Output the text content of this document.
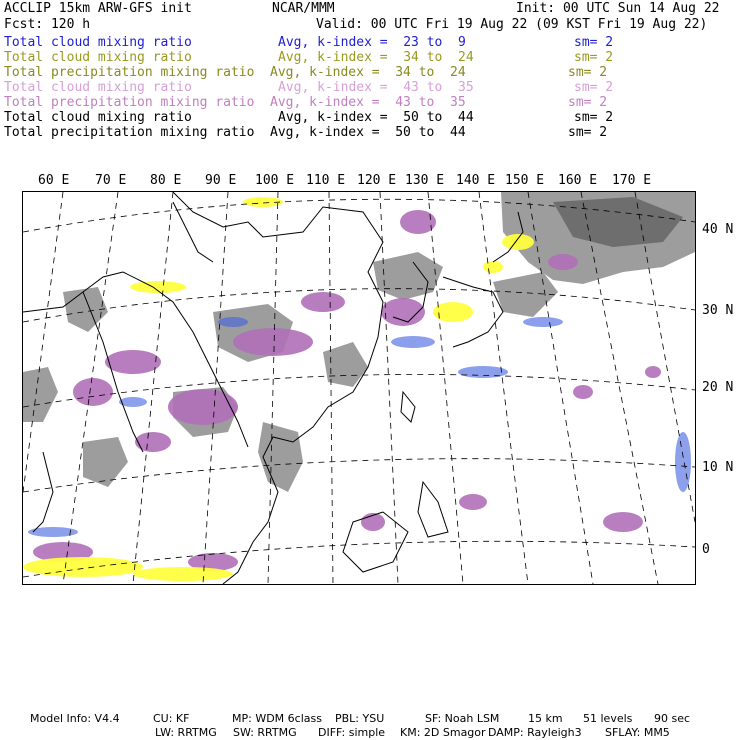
ACCLIP 15km ARW-GFS init	NCAR/MMM	Init: 00 UTC Sun 14 Aug 22
Fcst: 120 h	Valid: 00 UTC Fri 19 Aug 22 (09 KST Fri 19 Aug 22)
Total cloud mixing ratio	Avg, k-index =  23 to  9	sm= 2
Total cloud mixing ratio	Avg, k-index =  34 to  24	sm= 2
Total precipitation mixing ratio Avg, k-index =  34 to  24	sm= 2
Total cloud mixing ratio	Avg, k-index =  43 to  35	sm= 2
Total precipitation mixing ratio Avg, k-index =  43 to  35	sm= 2
Total cloud mixing ratio	Avg, k-index =  50 to  44	sm= 2
Total precipitation mixing ratio Avg, k-index =  50 to  44	sm= 2
60 E 70 E 80 E 90 E 100 E 110 E 120 E 130 E 140 E 150 E 160 E 170 E
40 N
30 N
20 N
10 N
0
Model Info: V4.4	CU: KF	MP: WDM 6class PBL: YSU	SF: Noah LSM	15 km 51 levels 90 sec
LW: RRTMG SW: RRTMG DIFF: simple KM: 2D Smagor DAMP: Rayleigh3 SFLAY: MM5
